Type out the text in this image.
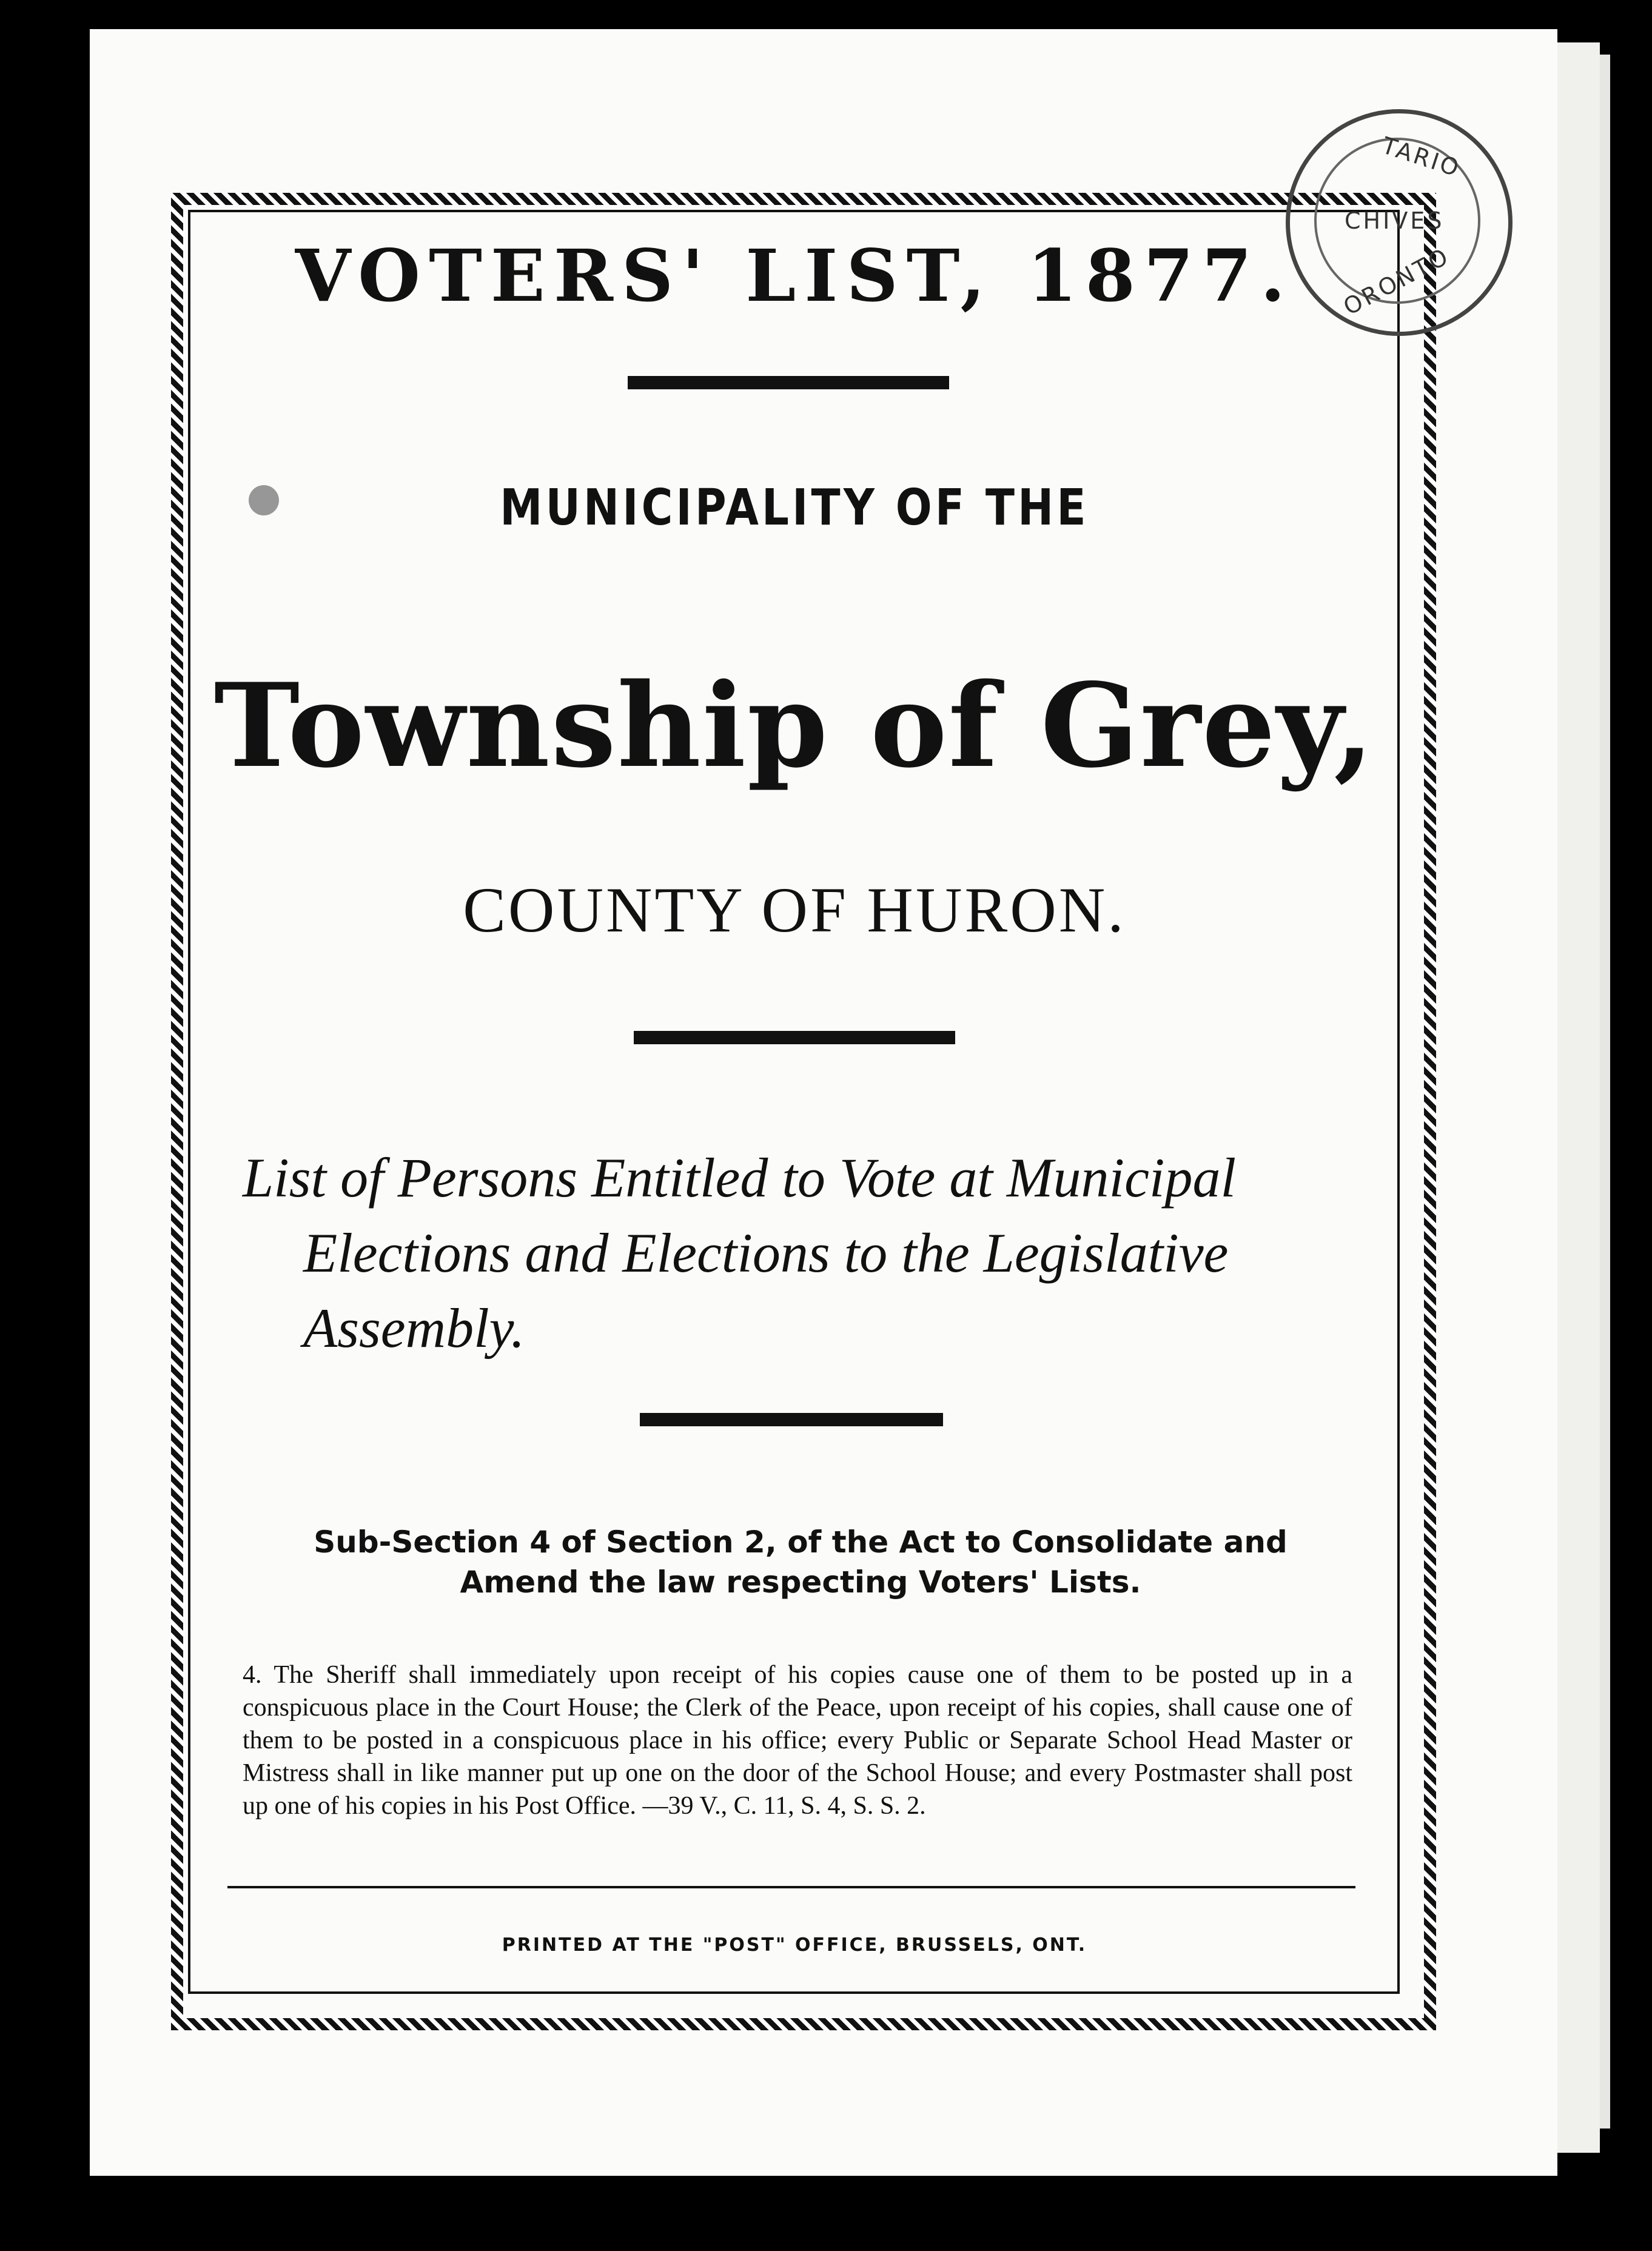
TARIO
CHIVES
ORONTO
VOTERS' LIST, 1877.
MUNICIPALITY OF THE
Township of Grey,
COUNTY OF HURON.
List of Persons Entitled to Vote at Municipal
Elections and Elections to the Legislative
Assembly.
Sub-Section 4 of Section 2, of the Act to Consolidate and
Amend the law respecting Voters' Lists.

4. The Sheriff shall immediately upon receipt of his copies cause one of them to be posted up in a conspicuous place in the Court House; the Clerk of the Peace, upon receipt of his copies, shall cause one of them to be posted in a conspicuous place in his office; every Public or Separate School Head Master or Mistress shall in like manner put up one on the door of the School House; and every Postmaster shall post up one of his copies in his Post Office. —39 V., C. 11, S. 4, S. S. 2.

PRINTED AT THE "POST" OFFICE, BRUSSELS, ONT.
